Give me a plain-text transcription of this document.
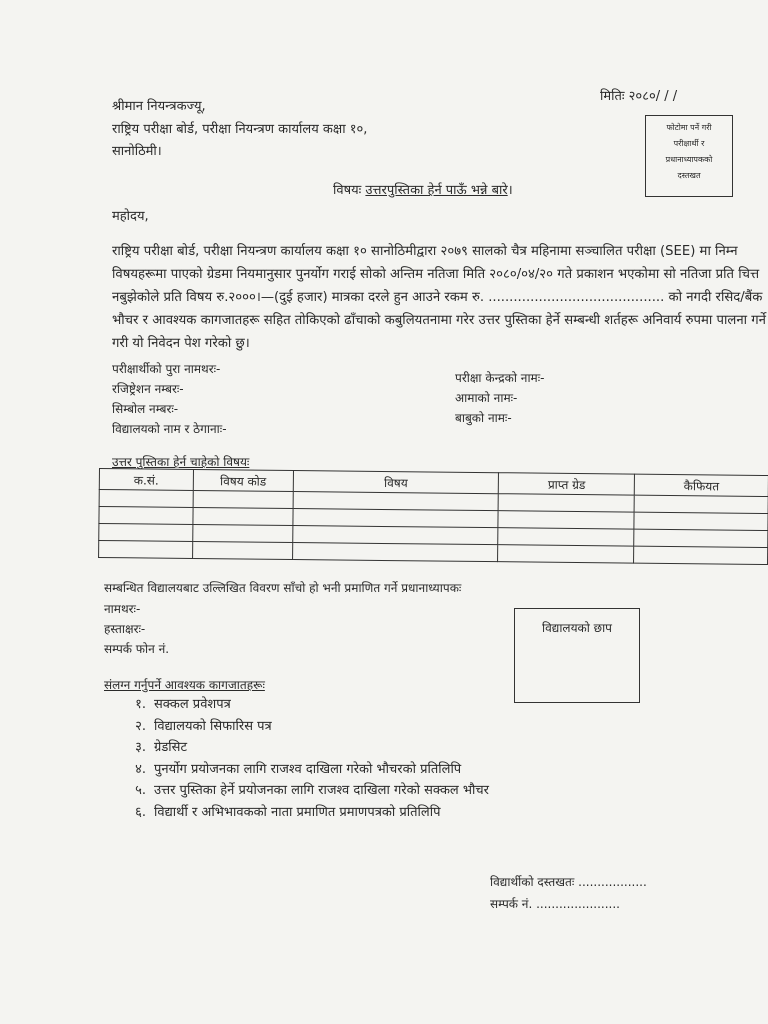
मितिः २०८०/ / /
फोटोमा पर्ने गरी
परीक्षार्थी र
प्रधानाध्यापकको
दस्तखत
श्रीमान नियन्त्रकज्यू,
राष्ट्रिय परीक्षा बोर्ड, परीक्षा नियन्त्रण कार्यालय कक्षा १०,
सानोठिमी।
विषयः उत्तरपुस्तिका हेर्न पाऊँ भन्ने बारे।
महोदय,
राष्ट्रिय परीक्षा बोर्ड, परीक्षा नियन्त्रण कार्यालय कक्षा १० सानोठिमीद्वारा २०७९ सालको चैत्र महिनामा सञ्चालित परीक्षा (SEE) मा निम्न विषयहरूमा पाएको ग्रेडमा नियमानुसार पुनर्योग गराई सोको अन्तिम नतिजा मिति २०८०/०४/२० गते प्रकाशन भएकोमा सो नतिजा प्रति चित्त नबुझेकोले प्रति विषय रु.२०००।—(दुई हजार) मात्रका दरले हुन आउने रकम रु. .......................................... को नगदी रसिद/बैंक भौचर र आवश्यक कागजातहरू सहित तोकिएको ढाँचाको कबुलियतनामा गरेर उत्तर पुस्तिका हेर्ने सम्बन्धी शर्तहरू अनिवार्य रुपमा पालना गर्ने गरी यो निवेदन पेश गरेको छु।
परीक्षार्थीको पुरा नामथरः-
रजिष्ट्रेशन नम्बरः-
सिम्बोल नम्बरः-
विद्यालयको नाम र ठेगानाः-
परीक्षा केन्द्रको नामः-
आमाको नामः-
बाबुको नामः-
उत्तर पुस्तिका हेर्न चाहेको विषयः
क.सं.	विषय कोड	विषय	प्राप्त ग्रेड	कैफियत

सम्बन्धित विद्यालयबाट उल्लिखित विवरण साँचो हो भनी प्रमाणित गर्ने प्रधानाध्यापकः
नामथरः-
हस्ताक्षरः-
सम्पर्क फोन नं.
विद्यालयको छाप
संलग्न गर्नुपर्ने आवश्यक कागजातहरूः
१. सक्कल प्रवेशपत्र
२. विद्यालयको सिफारिस पत्र
३. ग्रेडसिट
४. पुनर्योग प्रयोजनका लागि राजश्व दाखिला गरेको भौचरको प्रतिलिपि
५. उत्तर पुस्तिका हेर्ने प्रयोजनका लागि राजश्व दाखिला गरेको सक्कल भौचर
६. विद्यार्थी र अभिभावकको नाता प्रमाणित प्रमाणपत्रको प्रतिलिपि
विद्यार्थीको दस्तखतः ..................
सम्पर्क नं. ......................
